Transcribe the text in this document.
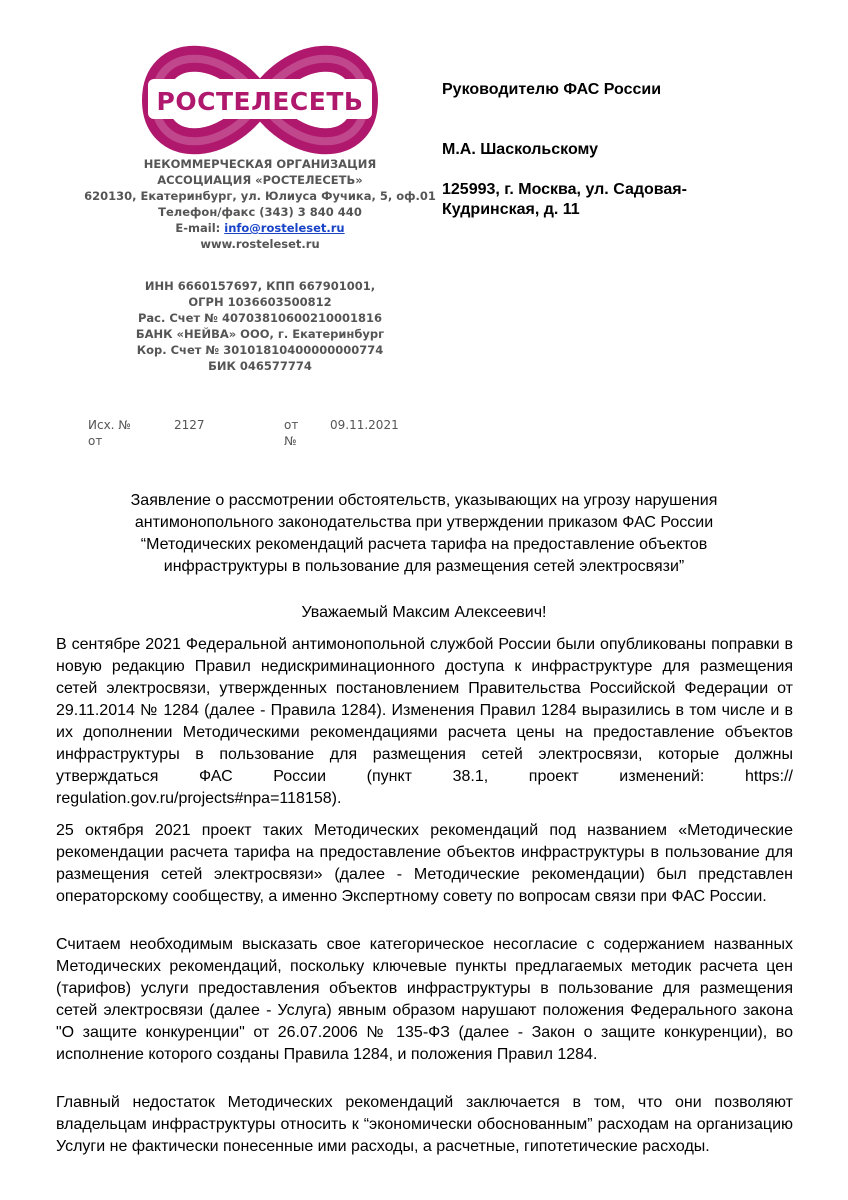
РОСТЕЛЕСЕТЬ
НЕКОММЕРЧЕСКАЯ ОРГАНИЗАЦИЯ
АССОЦИАЦИЯ «РОСТЕЛЕСЕТЬ»
620130, Екатеринбург, ул. Юлиуса Фучика, 5, оф.01
Телефон/факс (343) 3 840 440
E-mail: info@rosteleset.ru
www.rosteleset.ru
ИНН 6660157697, КПП 667901001,
ОГРН 1036603500812
Рас. Счет № 40703810600210001816
БАНК «НЕЙВА» ООО, г. Екатеринбург
Кор. Счет № 30101810400000000774
БИК 046577774
Руководителю ФАС России
М.А. Шаскольскому
125993, г. Москва, ул. Садовая-
Кудринская, д. 11
Исх. №
от
2127	от
№
09.11.2021
Заявление о рассмотрении обстоятельств, указывающих на угрозу нарушения
антимонопольного законодательства при утверждении приказом ФАС России
“Методических рекомендаций расчета тарифа на предоставление объектов
инфраструктуры в пользование для размещения сетей электросвязи”
Уважаемый Максим Алексеевич!
В сентябре 2021 Федеральной антимонопольной службой России были опубликованы поправки в новую редакцию Правил недискриминационного доступа к инфраструктуре для размещения сетей электросвязи, утвержденных постановлением Правительства Российской Федерации от 29.11.2014 № 1284 (далее - Правила 1284). Изменения Правил 1284 выразились в том числе и в их дополнении Методическими рекомендациями расчета цены на предоставление объектов инфраструктуры в пользование для размещения сетей электросвязи, которые должны утверждаться ФАС России (пункт 38.1, проект изменений: https:// regulation.gov.ru/projects#npa=118158).
25 октября 2021 проект таких Методических рекомендаций под названием «Методические рекомендации расчета тарифа на предоставление объектов инфраструктуры в пользование для размещения сетей электросвязи» (далее - Методические рекомендации) был представлен операторскому сообществу, а именно Экспертному совету по вопросам связи при ФАС России.
Считаем необходимым высказать свое категорическое несогласие с содержанием названных Методических рекомендаций, поскольку ключевые пункты предлагаемых методик расчета цен (тарифов) услуги предоставления объектов инфраструктуры в пользование для размещения сетей электросвязи (далее - Услуга) явным образом нарушают положения Федерального закона "О защите конкуренции" от 26.07.2006 № 135-ФЗ (далее - Закон о защите конкуренции), во исполнение которого созданы Правила 1284, и положения Правил 1284.
Главный недостаток Методических рекомендаций заключается в том, что они позволяют владельцам инфраструктуры относить к “экономически обоснованным” расходам на организацию Услуги не фактически понесенные ими расходы, а расчетные, гипотетические расходы.
